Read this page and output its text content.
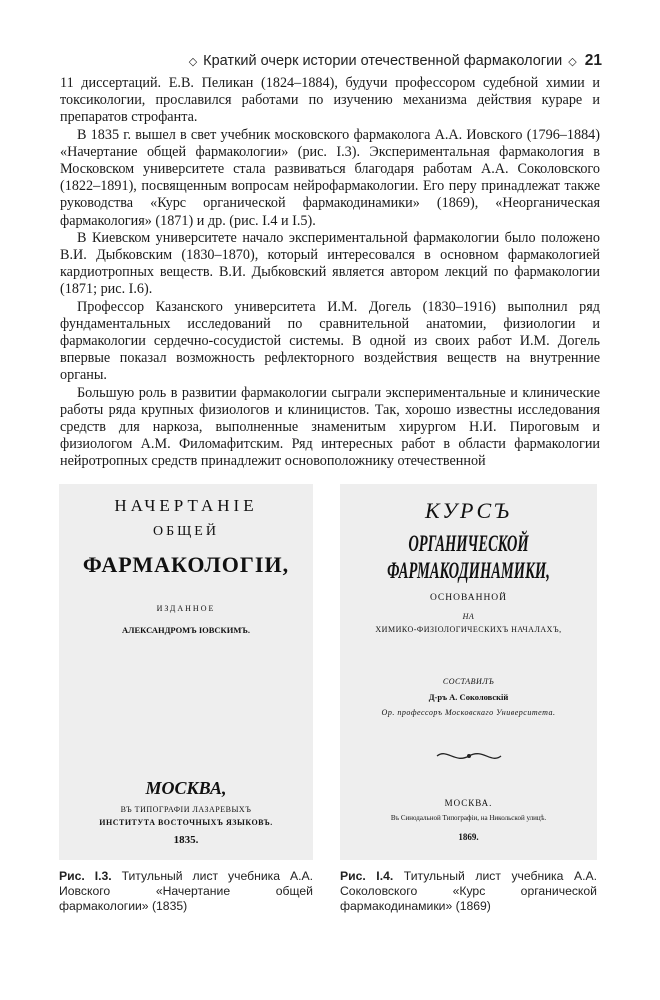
◇ Краткий очерк истории отечественной фармакологии ◇ 21

11 диссертаций. Е.В. Пеликан (1824–1884), будучи профессором судебной химии и токсикологии, прославился работами по изучению механизма действия кураре и препаратов строфанта.

В 1835 г. вышел в свет учебник московского фармаколога А.А. Иовского (1796–1884) «Начертание общей фармакологии» (рис. I.3). Экспериментальная фармакология в Московском университете стала развиваться благодаря работам А.А. Соколовского (1822–1891), посвященным вопросам нейрофармакологии. Его перу принадлежат также руководства «Курс органической фармакодинамики» (1869), «Неорганическая фармакология» (1871) и др. (рис. I.4 и I.5).

В Киевском университете начало экспериментальной фармакологии было положено В.И. Дыбковским (1830–1870), который интересовался в основном фармакологией кардиотропных веществ. В.И. Дыбковский является автором лекций по фармакологии (1871; рис. I.6).

Профессор Казанского университета И.М. Догель (1830–1916) выполнил ряд фундаментальных исследований по сравнительной анатомии, физиологии и фармакологии сердечно-сосудистой системы. В одной из своих работ И.М. Догель впервые показал возможность рефлекторного воздействия веществ на внутренние органы.

Большую роль в развитии фармакологии сыграли экспериментальные и клинические работы ряда крупных физиологов и клиницистов. Так, хорошо известны исследования средств для наркоза, выполненные знаменитым хирургом Н.И. Пироговым и физиологом А.М. Филомафитским. Ряд интересных работ в области фармакологии нейротропных средств принадлежит основоположнику отечественной

НАЧЕРТАНІЕ
ОБЩЕЙ
ФАРМАКОЛОГІИ,
ИЗДАННОЕ
АЛЕКСАНДРОМЪ ІОВСКИМЪ.
МОСКВА,
ВЪ ТИПОГРАФІИ ЛАЗАРЕВЫХЪ
ИНСТИТУТА ВОСТОЧНЫХЪ ЯЗЫКОВЪ.
1835.
КУРСЪ
ОРГАНИЧЕСКОЙ ФАРМАКОДИНАМИКИ,
ОСНОВАННОЙ
НА
ХИМИКО-ФИЗІОЛОГИЧЕСКИХЪ НАЧАЛАХЪ,
СОСТАВИЛЪ
Д-ръ А. Соколовскій
Ор. профессоръ Московскаго Университета.
МОСКВА.
Въ Синодальной Типографіи, на Никольской улицѣ.
1869.
Рис. I.3. Титульный лист учебника А.А. Иовского «Начертание общей фармакологии» (1835)
Рис. I.4. Титульный лист учебника А.А. Соколовского «Курс органической фармакодинамики» (1869)
